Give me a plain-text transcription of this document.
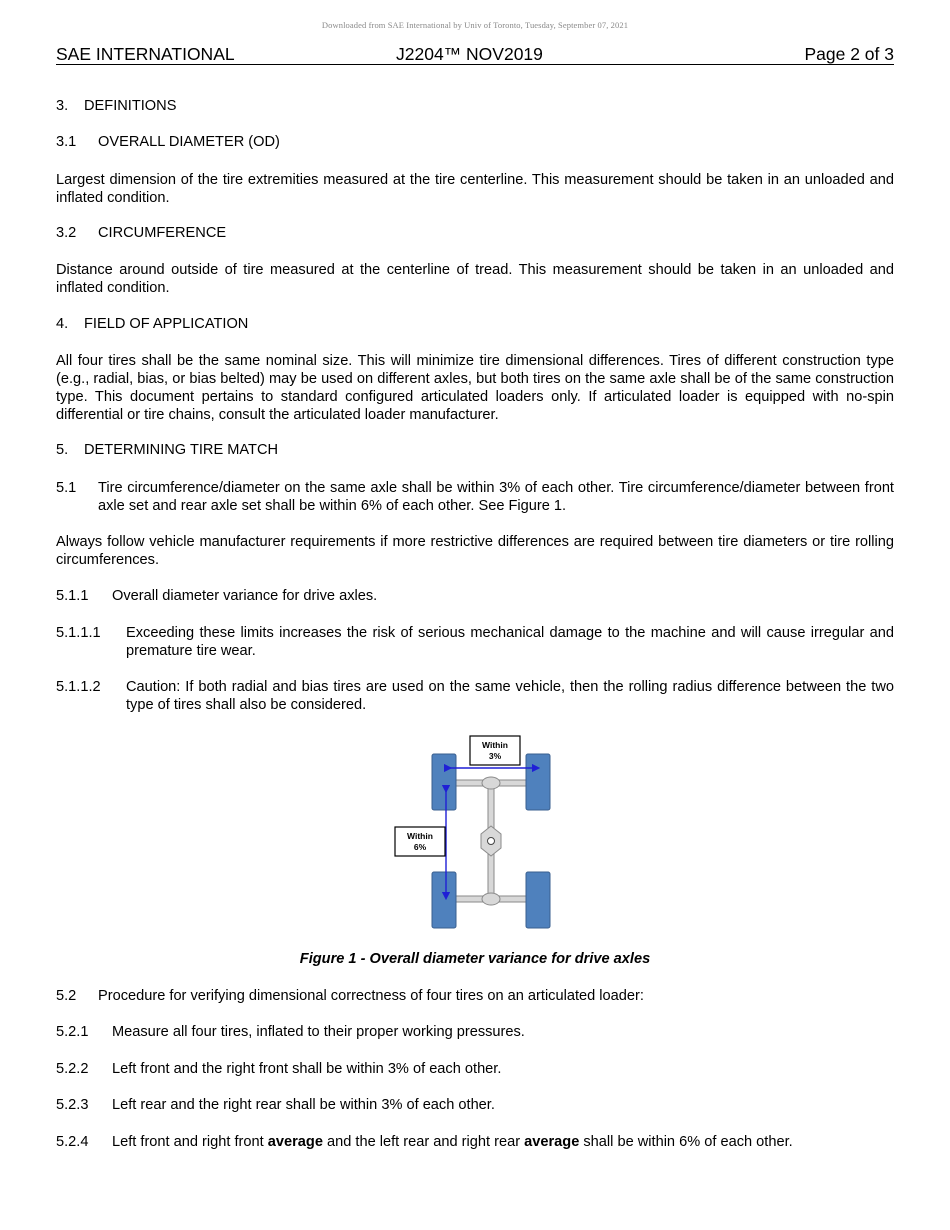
Downloaded from SAE International by Univ of Toronto, Tuesday, September 07, 2021
SAE INTERNATIONAL	J2204™ NOV2019	Page 2 of 3
3. DEFINITIONS
3.1 OVERALL DIAMETER (OD)
Largest dimension of the tire extremities measured at the tire centerline. This measurement should be taken in an unloaded and inflated condition.
3.2 CIRCUMFERENCE
Distance around outside of tire measured at the centerline of tread. This measurement should be taken in an unloaded and inflated condition.
4. FIELD OF APPLICATION
All four tires shall be the same nominal size. This will minimize tire dimensional differences. Tires of different construction type (e.g., radial, bias, or bias belted) may be used on different axles, but both tires on the same axle shall be of the same construction type. This document pertains to standard configured articulated loaders only. If articulated loader is equipped with no-spin differential or tire chains, consult the articulated loader manufacturer.
5. DETERMINING TIRE MATCH
5.1 Tire circumference/diameter on the same axle shall be within 3% of each other. Tire circumference/diameter between front axle set and rear axle set shall be within 6% of each other. See Figure 1.
Always follow vehicle manufacturer requirements if more restrictive differences are required between tire diameters or tire rolling circumferences.
5.1.1 Overall diameter variance for drive axles.
5.1.1.1 Exceeding these limits increases the risk of serious mechanical damage to the machine and will cause irregular and premature tire wear.
5.1.1.2 Caution: If both radial and bias tires are used on the same vehicle, then the rolling radius difference between the two type of tires shall also be considered.
Within
3%
Within
6%
Figure 1 - Overall diameter variance for drive axles
5.2 Procedure for verifying dimensional correctness of four tires on an articulated loader:
5.2.1 Measure all four tires, inflated to their proper working pressures.
5.2.2 Left front and the right front shall be within 3% of each other.
5.2.3 Left rear and the right rear shall be within 3% of each other.
5.2.4 Left front and right front average and the left rear and right rear average shall be within 6% of each other.
